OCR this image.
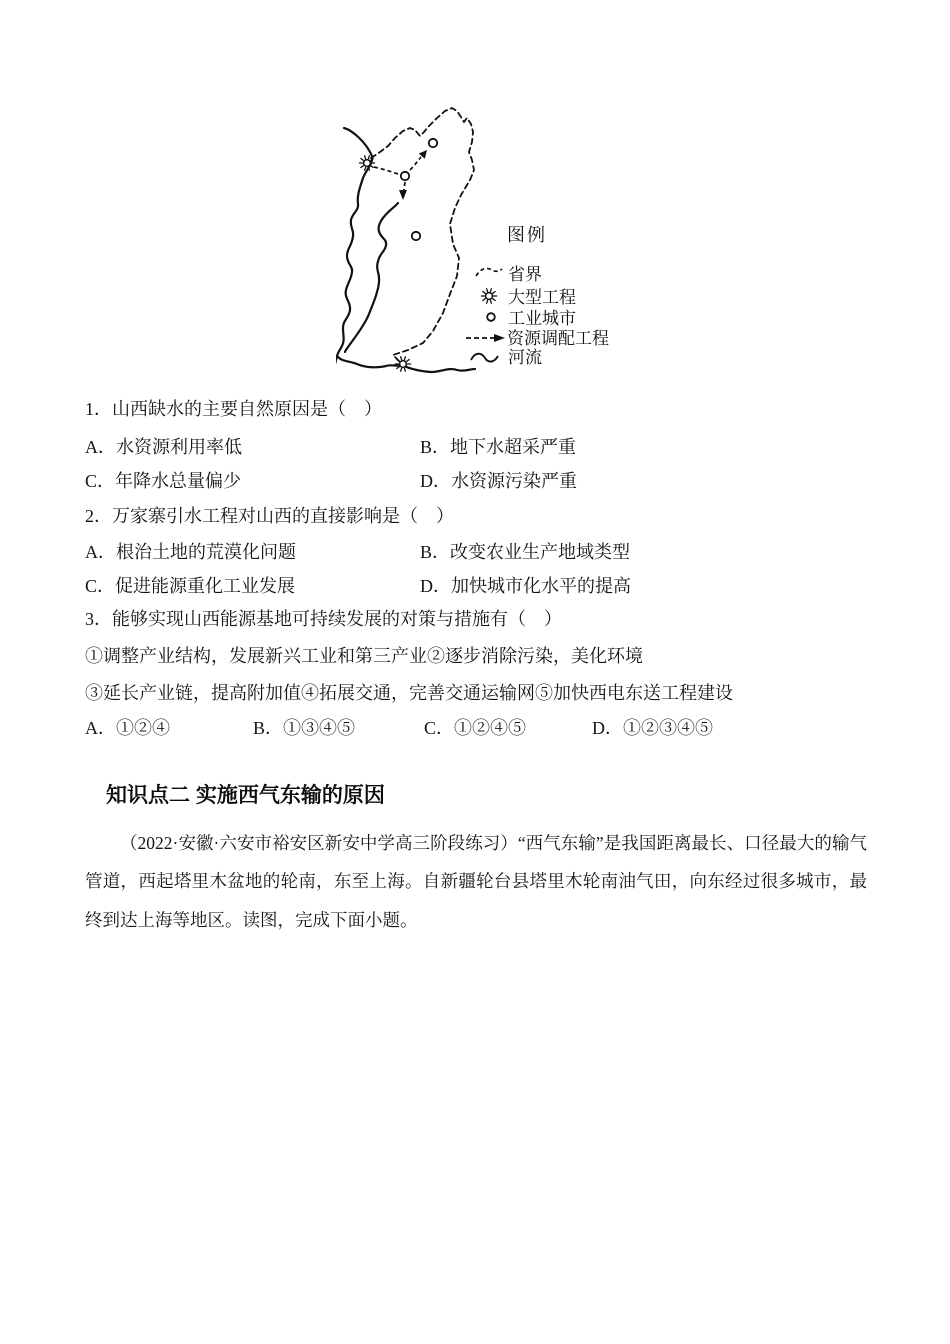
图例
省界
大型工程
工业城市
资源调配工程
河流
1．山西缺水的主要自然原因是（　）
A．水资源利用率低	B．地下水超采严重
C．年降水总量偏少	D．水资源污染严重
2．万家寨引水工程对山西的直接影响是（　）
A．根治土地的荒漠化问题	B．改变农业生产地域类型
C．促进能源重化工业发展	D．加快城市化水平的提高
3．能够实现山西能源基地可持续发展的对策与措施有（　）
①调整产业结构，发展新兴工业和第三产业②逐步消除污染，美化环境
③延长产业链，提高附加值④拓展交通，完善交通运输网⑤加快西电东送工程建设
A．①②④	B．①③④⑤	C．①②④⑤	D．①②③④⑤
知识点二 实施西气东输的原因

（2022·安徽·六安市裕安区新安中学高三阶段练习）“西气东输”是我国距离最长、口径最大的输气管道，西起塔里木盆地的轮南，东至上海。自新疆轮台县塔里木轮南油气田，向东经过很多城市，最终到达上海等地区。读图，完成下面小题。
